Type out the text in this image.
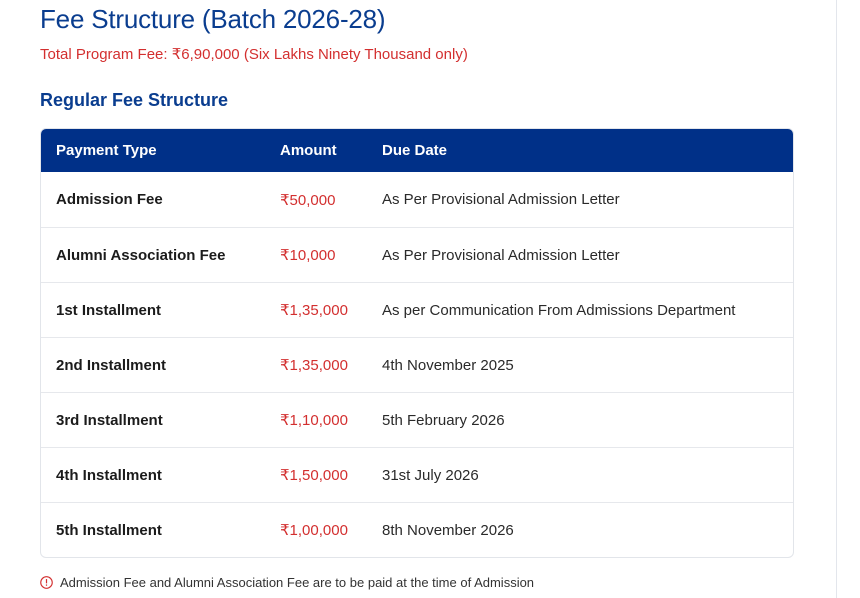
Fee Structure (Batch 2026-28)
Total Program Fee: ₹6,90,000 (Six Lakhs Ninety Thousand only)
Regular Fee Structure
Payment Type	Amount	Due Date
Admission Fee	₹50,000	As Per Provisional Admission Letter
Alumni Association Fee	₹10,000	As Per Provisional Admission Letter
1st Installment	₹1,35,000	As per Communication From Admissions Department
2nd Installment	₹1,35,000	4th November 2025
3rd Installment	₹1,10,000	5th February 2026
4th Installment	₹1,50,000	31st July 2026
5th Installment	₹1,00,000	8th November 2026
Admission Fee and Alumni Association Fee are to be paid at the time of Admission
